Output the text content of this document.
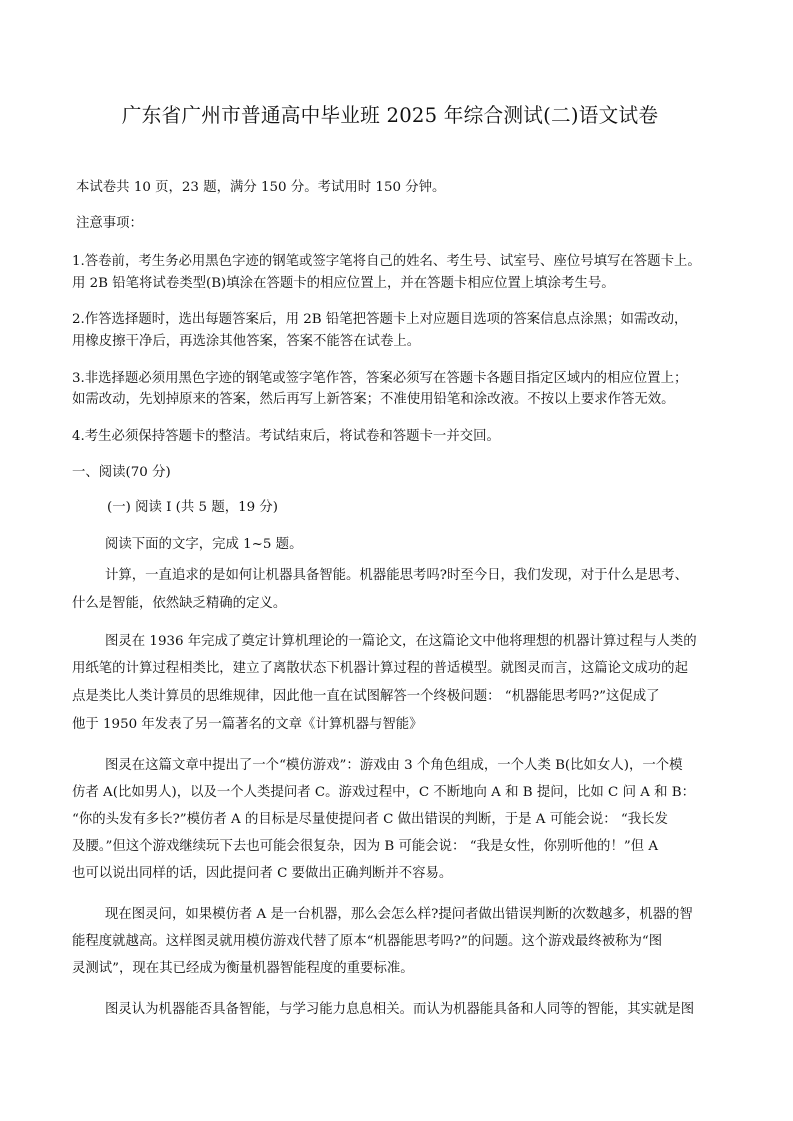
广东省广州市普通高中毕业班 2025 年综合测试(二)语文试卷
本试卷共 10 页，23 题，满分 150 分。考试用时 150 分钟。
注意事项：
1.答卷前，考生务必用黑色字迹的钢笔或签字笔将自己的姓名、考生号、试室号、座位号填写在答题卡上。
用 2B 铅笔将试卷类型(B)填涂在答题卡的相应位置上，并在答题卡相应位置上填涂考生号。
2.作答选择题时，选出每题答案后，用 2B 铅笔把答题卡上对应题目选项的答案信息点涂黑；如需改动，
用橡皮擦干净后，再选涂其他答案，答案不能答在试卷上。
3.非选择题必须用黑色字迹的钢笔或签字笔作答，答案必须写在答题卡各题目指定区域内的相应位置上；
如需改动，先划掉原来的答案，然后再写上新答案；不准使用铅笔和涂改液。不按以上要求作答无效。
4.考生必须保持答题卡的整洁。考试结束后，将试卷和答题卡一并交回。
一、阅读(70 分)
(一) 阅读 I (共 5 题，19 分)
阅读下面的文字，完成 1~5 题。
计算，一直追求的是如何让机器具备智能。机器能思考吗?时至今日，我们发现，对于什么是思考、
什么是智能，依然缺乏精确的定义。
图灵在 1936 年完成了奠定计算机理论的一篇论文，在这篇论文中他将理想的机器计算过程与人类的
用纸笔的计算过程相类比，建立了离散状态下机器计算过程的普适模型。就图灵而言，这篇论文成功的起
点是类比人类计算员的思维规律，因此他一直在试图解答一个终极问题： “机器能思考吗?”这促成了
他于 1950 年发表了另一篇著名的文章《计算机器与智能》
图灵在这篇文章中提出了一个“模仿游戏”：游戏由 3 个角色组成，一个人类 B(比如女人)，一个模
仿者 A(比如男人)，以及一个人类提问者 C。游戏过程中，C 不断地向 A 和 B 提问，比如 C 问 A 和 B：
“你的头发有多长?”模仿者 A 的目标是尽量使提问者 C 做出错误的判断，于是 A 可能会说： “我长发
及腰。”但这个游戏继续玩下去也可能会很复杂，因为 B 可能会说： “我是女性，你别听他的！”但 A
也可以说出同样的话，因此提问者 C 要做出正确判断并不容易。
现在图灵问，如果模仿者 A 是一台机器，那么会怎么样?提问者做出错误判断的次数越多，机器的智
能程度就越高。这样图灵就用模仿游戏代替了原本“机器能思考吗?”的问题。这个游戏最终被称为“图
灵测试”，现在其已经成为衡量机器智能程度的重要标准。
图灵认为机器能否具备智能，与学习能力息息相关。而认为机器能具备和人同等的智能，其实就是图
